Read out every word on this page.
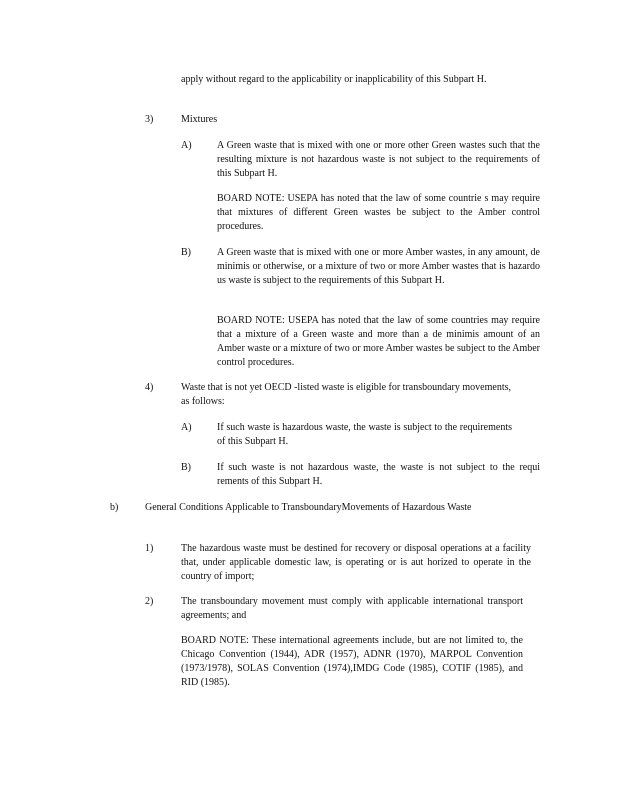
apply without regard to the applicability or inapplicability of this Subpart H.
3)	Mixtures
A)	A Green waste that is mixed with one or more other Green wastes such that the resulting mixture is not hazardous waste is not subject to the requirements of this Subpart H.
BOARD NOTE: USEPA has noted that the law of some countrie s may require that mixtures of different Green wastes be subject to the Amber control procedures.
B)	A Green waste that is mixed with one or more Amber wastes, in any amount, de minimis or otherwise, or a mixture of two or more Amber wastes that is hazardo us waste is subject to the requirements of this Subpart H.
BOARD NOTE: USEPA has noted that the law of some countries may require that a mixture of a Green waste and more than a de minimis amount of an Amber waste or a mixture of two or more Amber wastes be subject to the Amber control procedures.
4)	Waste that is not yet OECD -listed waste is eligible for transboundary movements, as follows:
A)	If such waste is hazardous waste, the waste is subject to the requirements of this Subpart H.
B)	If such waste is not hazardous waste, the waste is not subject to the requi rements of this Subpart H.
b)	General Conditions Applicable to TransboundaryMovements of Hazardous Waste
1)	The hazardous waste must be destined for recovery or disposal operations at a facility that, under applicable domestic law, is operating or is aut horized to operate in the country of import;
2)	The transboundary movement must comply with applicable international transport agreements; and
BOARD NOTE: These international agreements include, but are not limited to, the Chicago Convention (1944), ADR (1957), ADNR (1970), MARPOL Convention (1973/1978), SOLAS Convention (1974),IMDG Code (1985), COTIF (1985), and RID (1985).
